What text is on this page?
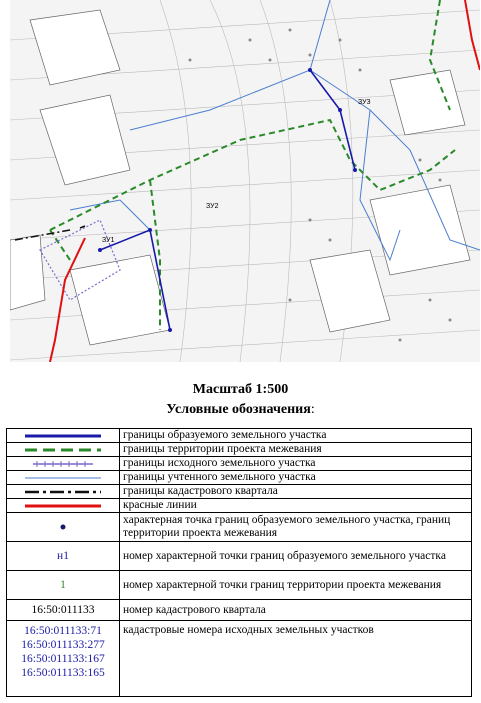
ЗУ1
ЗУ2
ЗУ3
Масштаб 1:500
Условные обозначения:
	границы образуемого земельного участка

	границы территории проекта межевания

	границы исходного земельного участка

	границы учтенного земельного участка

	границы кадастрового квартала

	красные линии

	характерная точка границ образуемого земельного участка, границ территории проекта межевания
н1	номер характерной точки границ образуемого земельного участка
1	номер характерной точки границ территории проекта межевания
16:50:011133	номер кадастрового квартала

16:50:011133:71
16:50:011133:277
16:50:011133:167
16:50:011133:165	кадастровые номера исходных земельных участков
